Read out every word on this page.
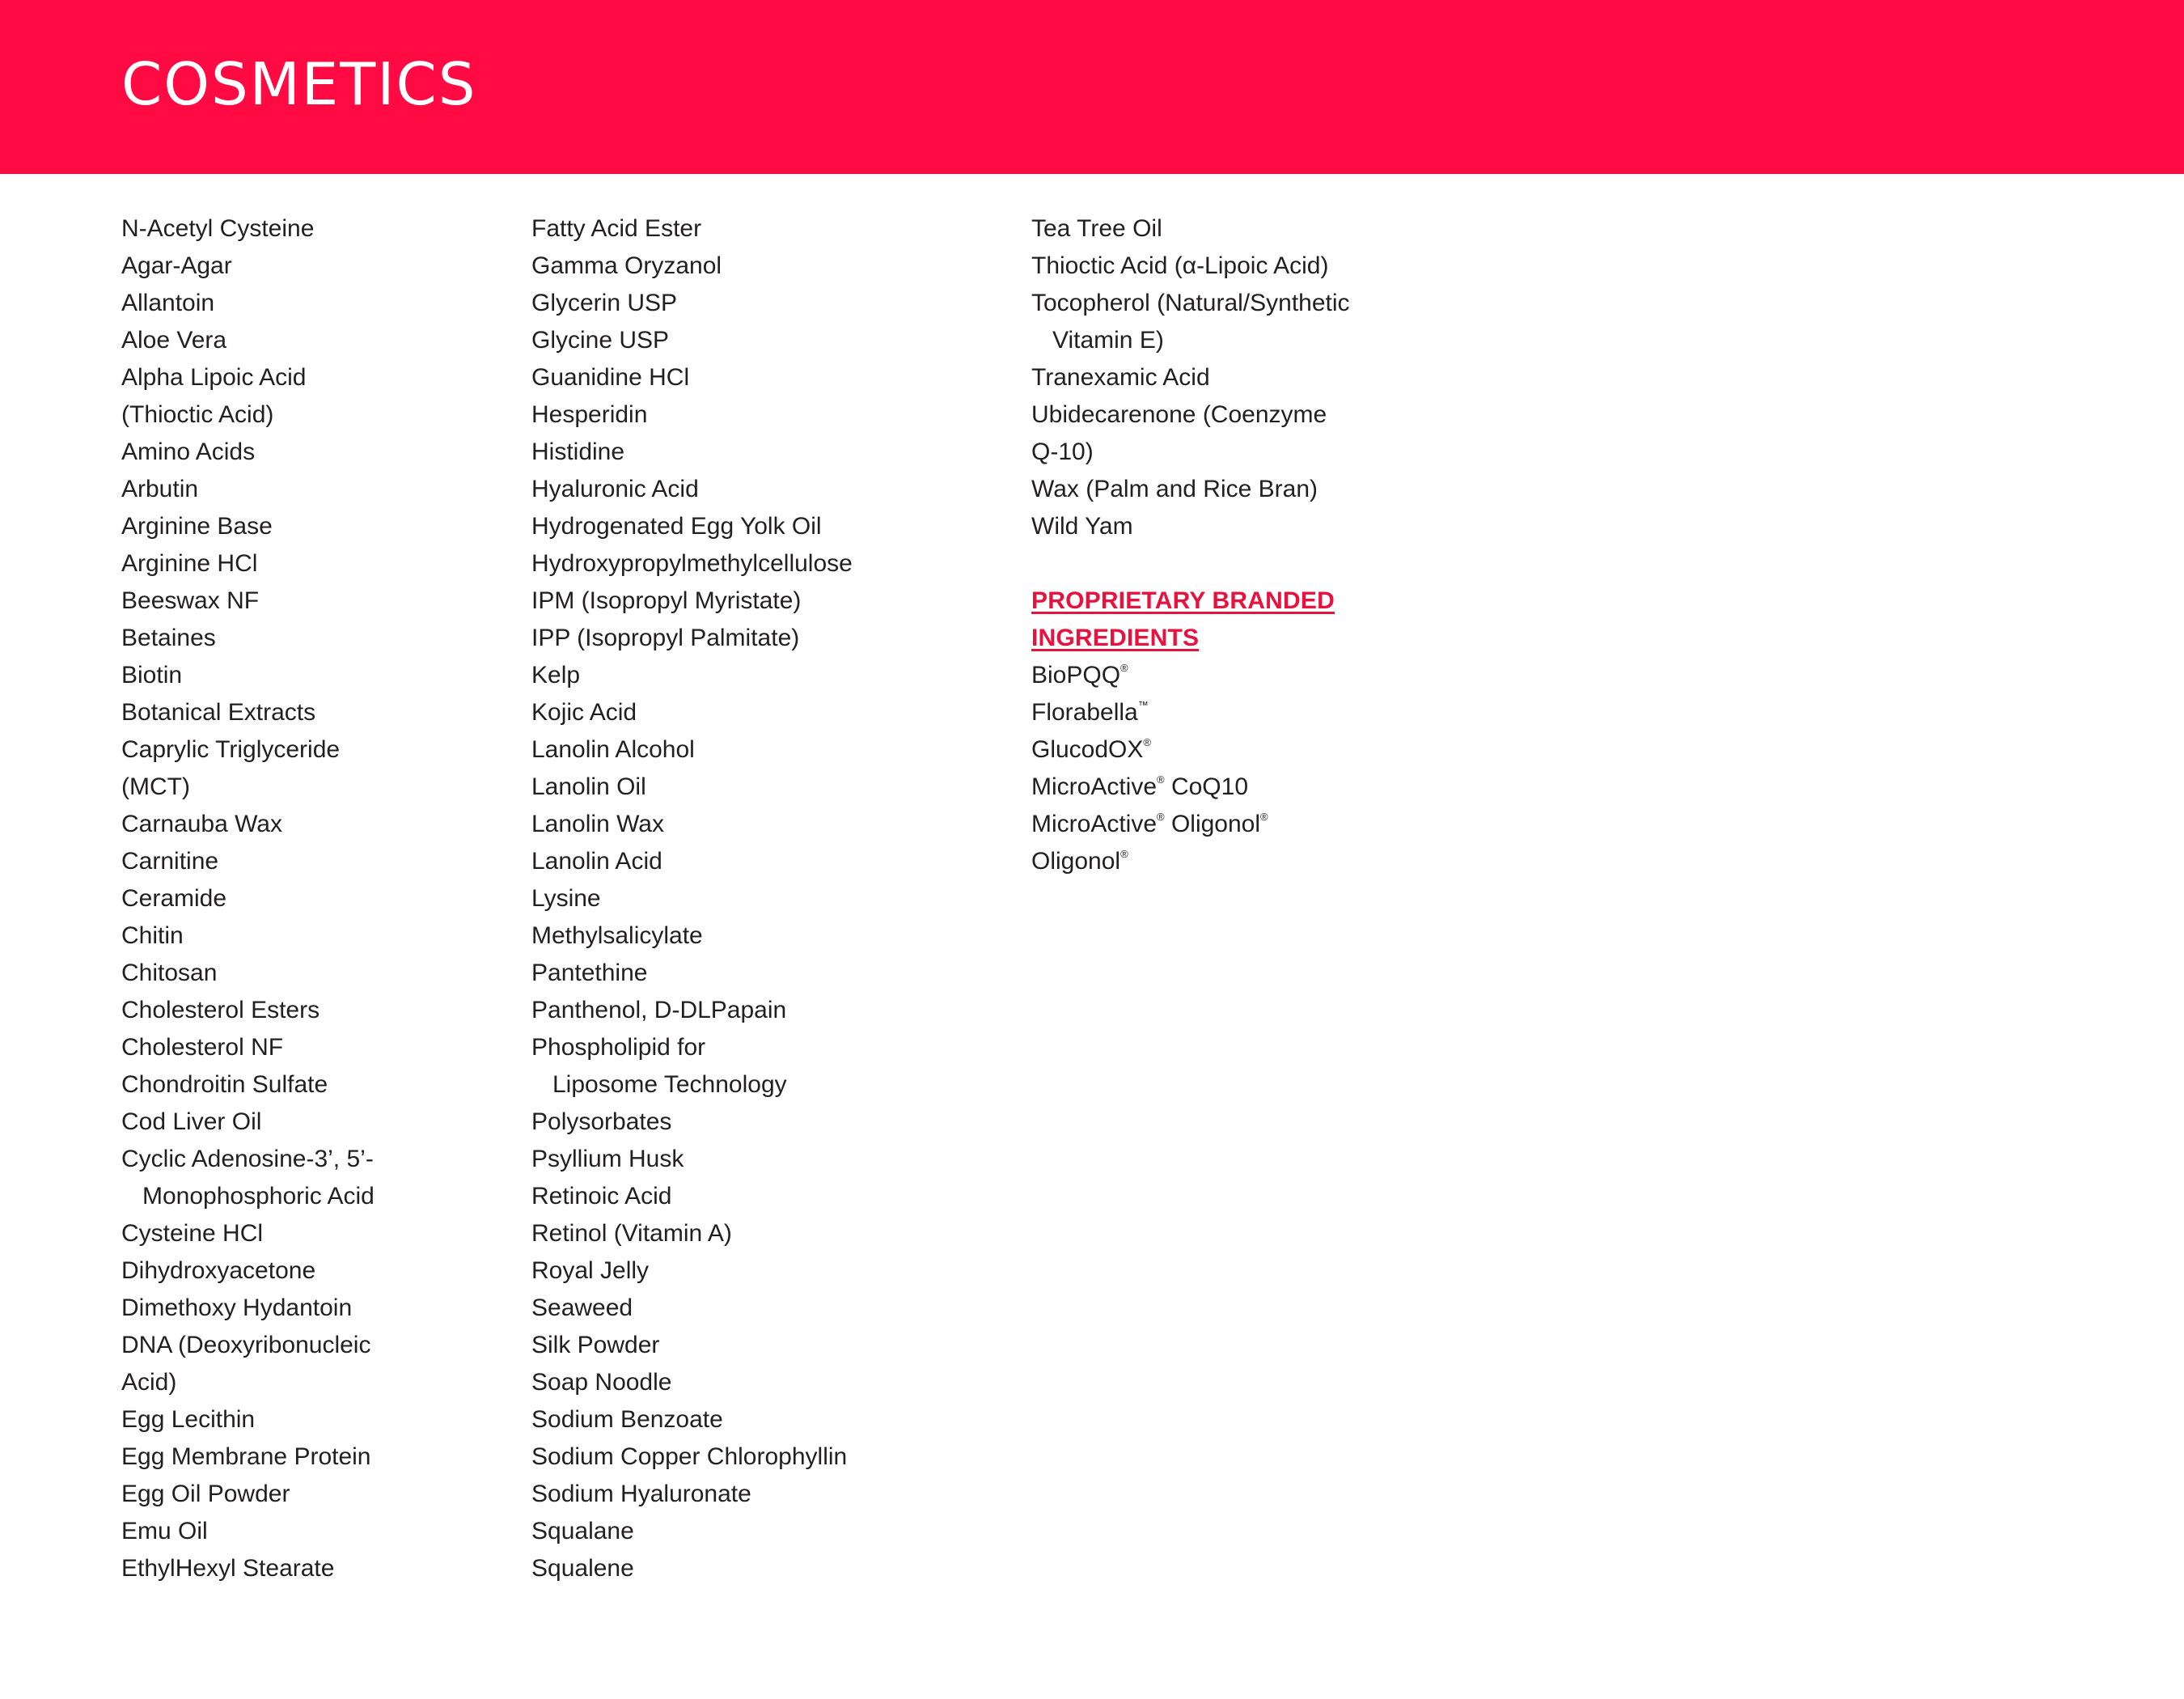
COSMETICS
N-Acetyl Cysteine
Agar-Agar
Allantoin
Aloe Vera
Alpha Lipoic Acid
(Thioctic Acid)
Amino Acids
Arbutin
Arginine Base
Arginine HCl
Beeswax NF
Betaines
Biotin
Botanical Extracts
Caprylic Triglyceride
(MCT)
Carnauba Wax
Carnitine
Ceramide
Chitin
Chitosan
Cholesterol Esters
Cholesterol NF
Chondroitin Sulfate
Cod Liver Oil
Cyclic Adenosine-3’, 5’-
Monophosphoric Acid
Cysteine HCl
Dihydroxyacetone
Dimethoxy Hydantoin
DNA (Deoxyribonucleic
Acid)
Egg Lecithin
Egg Membrane Protein
Egg Oil Powder
Emu Oil
EthylHexyl Stearate
Fatty Acid Ester
Gamma Oryzanol
Glycerin USP
Glycine USP
Guanidine HCl
Hesperidin
Histidine
Hyaluronic Acid
Hydrogenated Egg Yolk Oil
Hydroxypropylmethylcellulose
IPM (Isopropyl Myristate)
IPP (Isopropyl Palmitate)
Kelp
Kojic Acid
Lanolin Alcohol
Lanolin Oil
Lanolin Wax
Lanolin Acid
Lysine
Methylsalicylate
Pantethine
Panthenol, D-DLPapain
Phospholipid for
Liposome Technology
Polysorbates
Psyllium Husk
Retinoic Acid
Retinol (Vitamin A)
Royal Jelly
Seaweed
Silk Powder
Soap Noodle
Sodium Benzoate
Sodium Copper Chlorophyllin
Sodium Hyaluronate
Squalane
Squalene
Tea Tree Oil
Thioctic Acid (α-Lipoic Acid)
Tocopherol (Natural/Synthetic
Vitamin E)
Tranexamic Acid
Ubidecarenone (Coenzyme
Q-10)
Wax (Palm and Rice Bran)
Wild Yam
PROPRIETARY BRANDED
INGREDIENTS
BioPQQ®
Florabella™
GlucodOX®
MicroActive® CoQ10
MicroActive® Oligonol®
Oligonol®
